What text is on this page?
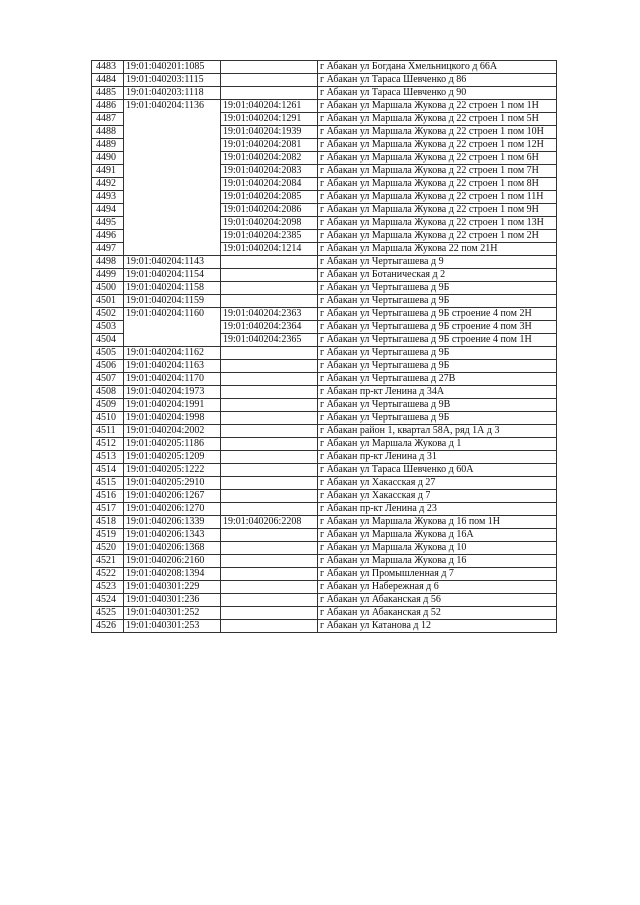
4483	19:01:040201:1085		г Абакан ул Богдана Хмельницкого д 66А
4484	19:01:040203:1115		г Абакан ул Тараса Шевченко д 86
4485	19:01:040203:1118		г Абакан ул Тараса Шевченко д 90
4486	19:01:040204:1136	19:01:040204:1261	г Абакан ул Маршала Жукова д 22 строен 1 пом 1Н
4487		19:01:040204:1291	г Абакан ул Маршала Жукова д 22 строен 1 пом 5Н
4488		19:01:040204:1939	г Абакан ул Маршала Жукова д 22 строен 1 пом 10Н
4489		19:01:040204:2081	г Абакан ул Маршала Жукова д 22 строен 1 пом 12Н
4490		19:01:040204:2082	г Абакан ул Маршала Жукова д 22 строен 1 пом 6Н
4491		19:01:040204:2083	г Абакан ул Маршала Жукова д 22 строен 1 пом 7Н
4492		19:01:040204:2084	г Абакан ул Маршала Жукова д 22 строен 1 пом 8Н
4493		19:01:040204:2085	г Абакан ул Маршала Жукова д 22 строен 1 пом 11Н
4494		19:01:040204:2086	г Абакан ул Маршала Жукова д 22 строен 1 пом 9Н
4495		19:01:040204:2098	г Абакан ул Маршала Жукова д 22 строен 1 пом 13Н
4496		19:01:040204:2385	г Абакан ул Маршала Жукова д 22 строен 1 пом 2Н
4497		19:01:040204:1214	г Абакан ул Маршала Жукова 22 пом 21Н
4498	19:01:040204:1143		г Абакан ул Чертыгашева д 9
4499	19:01:040204:1154		г Абакан ул Ботаническая д 2
4500	19:01:040204:1158		г Абакан ул Чертыгашева д 9Б
4501	19:01:040204:1159		г Абакан ул Чертыгашева д 9Б
4502	19:01:040204:1160	19:01:040204:2363	г Абакан ул Чертыгашева д 9Б строение 4 пом 2Н
4503		19:01:040204:2364	г Абакан ул Чертыгашева д 9Б строение 4 пом 3Н
4504		19:01:040204:2365	г Абакан ул Чертыгашева д 9Б строение 4 пом 1Н
4505	19:01:040204:1162		г Абакан ул Чертыгашева д 9Б
4506	19:01:040204:1163		г Абакан ул Чертыгашева д 9Б
4507	19:01:040204:1170		г Абакан ул Чертыгашева д 27В
4508	19:01:040204:1973		г Абакан пр-кт Ленина д 34А
4509	19:01:040204:1991		г Абакан ул Чертыгашева д 9В
4510	19:01:040204:1998		г Абакан ул Чертыгашева д 9Б
4511	19:01:040204:2002		г Абакан район 1, квартал 58А, ряд 1А д 3
4512	19:01:040205:1186		г Абакан ул Маршала Жукова д 1
4513	19:01:040205:1209		г Абакан пр-кт Ленина д 31
4514	19:01:040205:1222		г Абакан ул Тараса Шевченко д 60А
4515	19:01:040205:2910		г Абакан ул Хакасская д 27
4516	19:01:040206:1267		г Абакан ул Хакасская д 7
4517	19:01:040206:1270		г Абакан пр-кт Ленина д 23
4518	19:01:040206:1339	19:01:040206:2208	г Абакан ул Маршала Жукова д 16 пом 1Н
4519	19:01:040206:1343		г Абакан ул Маршала Жукова д 16А
4520	19:01:040206:1368		г Абакан ул Маршала Жукова д 10
4521	19:01:040206:2160		г Абакан ул Маршала Жукова д 16
4522	19:01:040208:1394		г Абакан ул Промышленная д 7
4523	19:01:040301:229		г Абакан ул Набережная д 6
4524	19:01:040301:236		г Абакан ул Абаканская д 56
4525	19:01:040301:252		г Абакан ул Абаканская д 52
4526	19:01:040301:253		г Абакан ул Катанова д 12
